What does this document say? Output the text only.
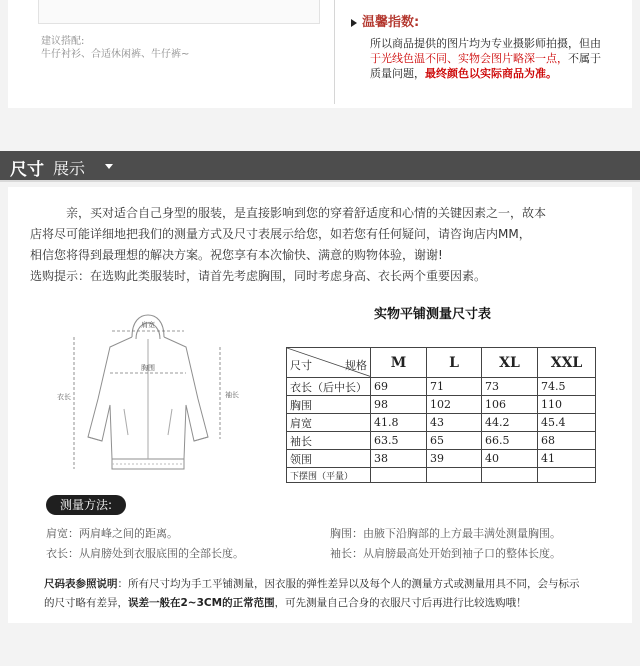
建议搭配:
牛仔衬衫、合适休闲裤、牛仔裤~
温馨指数:
所以商品提供的图片均为专业摄影师拍摄，但由
于光线色温不同、实物会图片略深一点，不属于
质量问题，最终颜色以实际商品为准。
尺寸 展示

亲，买对适合自己身型的服装，是直接影响到您的穿着舒适度和心情的关键因素之一，故本

店将尽可能详细地把我们的测量方式及尺寸表展示给您，如若您有任何疑问，请咨询店内MM，

相信您将得到最理想的解决方案。祝您享有本次愉快、满意的购物体验，谢谢!

选购提示：在选购此类服装时，请首先考虑胸围，同时考虑身高、衣长两个重要因素。

肩宽
胸围
衣长	袖长
实物平铺测量尺寸表
尺寸 规格	M	L	XL	XXL
衣长（后中长）	69	71	73	74.5
胸围	98	102	106	110
肩宽	41.8	43	44.2	45.4
袖长	63.5	65	66.5	68
领围	38	39	40	41
下摆围（平量）				
测量方法:
肩宽：两肩峰之间的距离。	胸围：由腋下沿胸部的上方最丰满处测量胸围。
衣长：从肩膀处到衣服底围的全部长度。	袖长：从肩膀最高处开始到袖子口的整体长度。
尺码表参照说明：所有尺寸均为手工平铺测量，因衣服的弹性差异以及每个人的测量方式或测量用具不同，会与标示
的尺寸略有差异，误差一般在2~3CM的正常范围，可先测量自己合身的衣服尺寸后再进行比较选购哦！
